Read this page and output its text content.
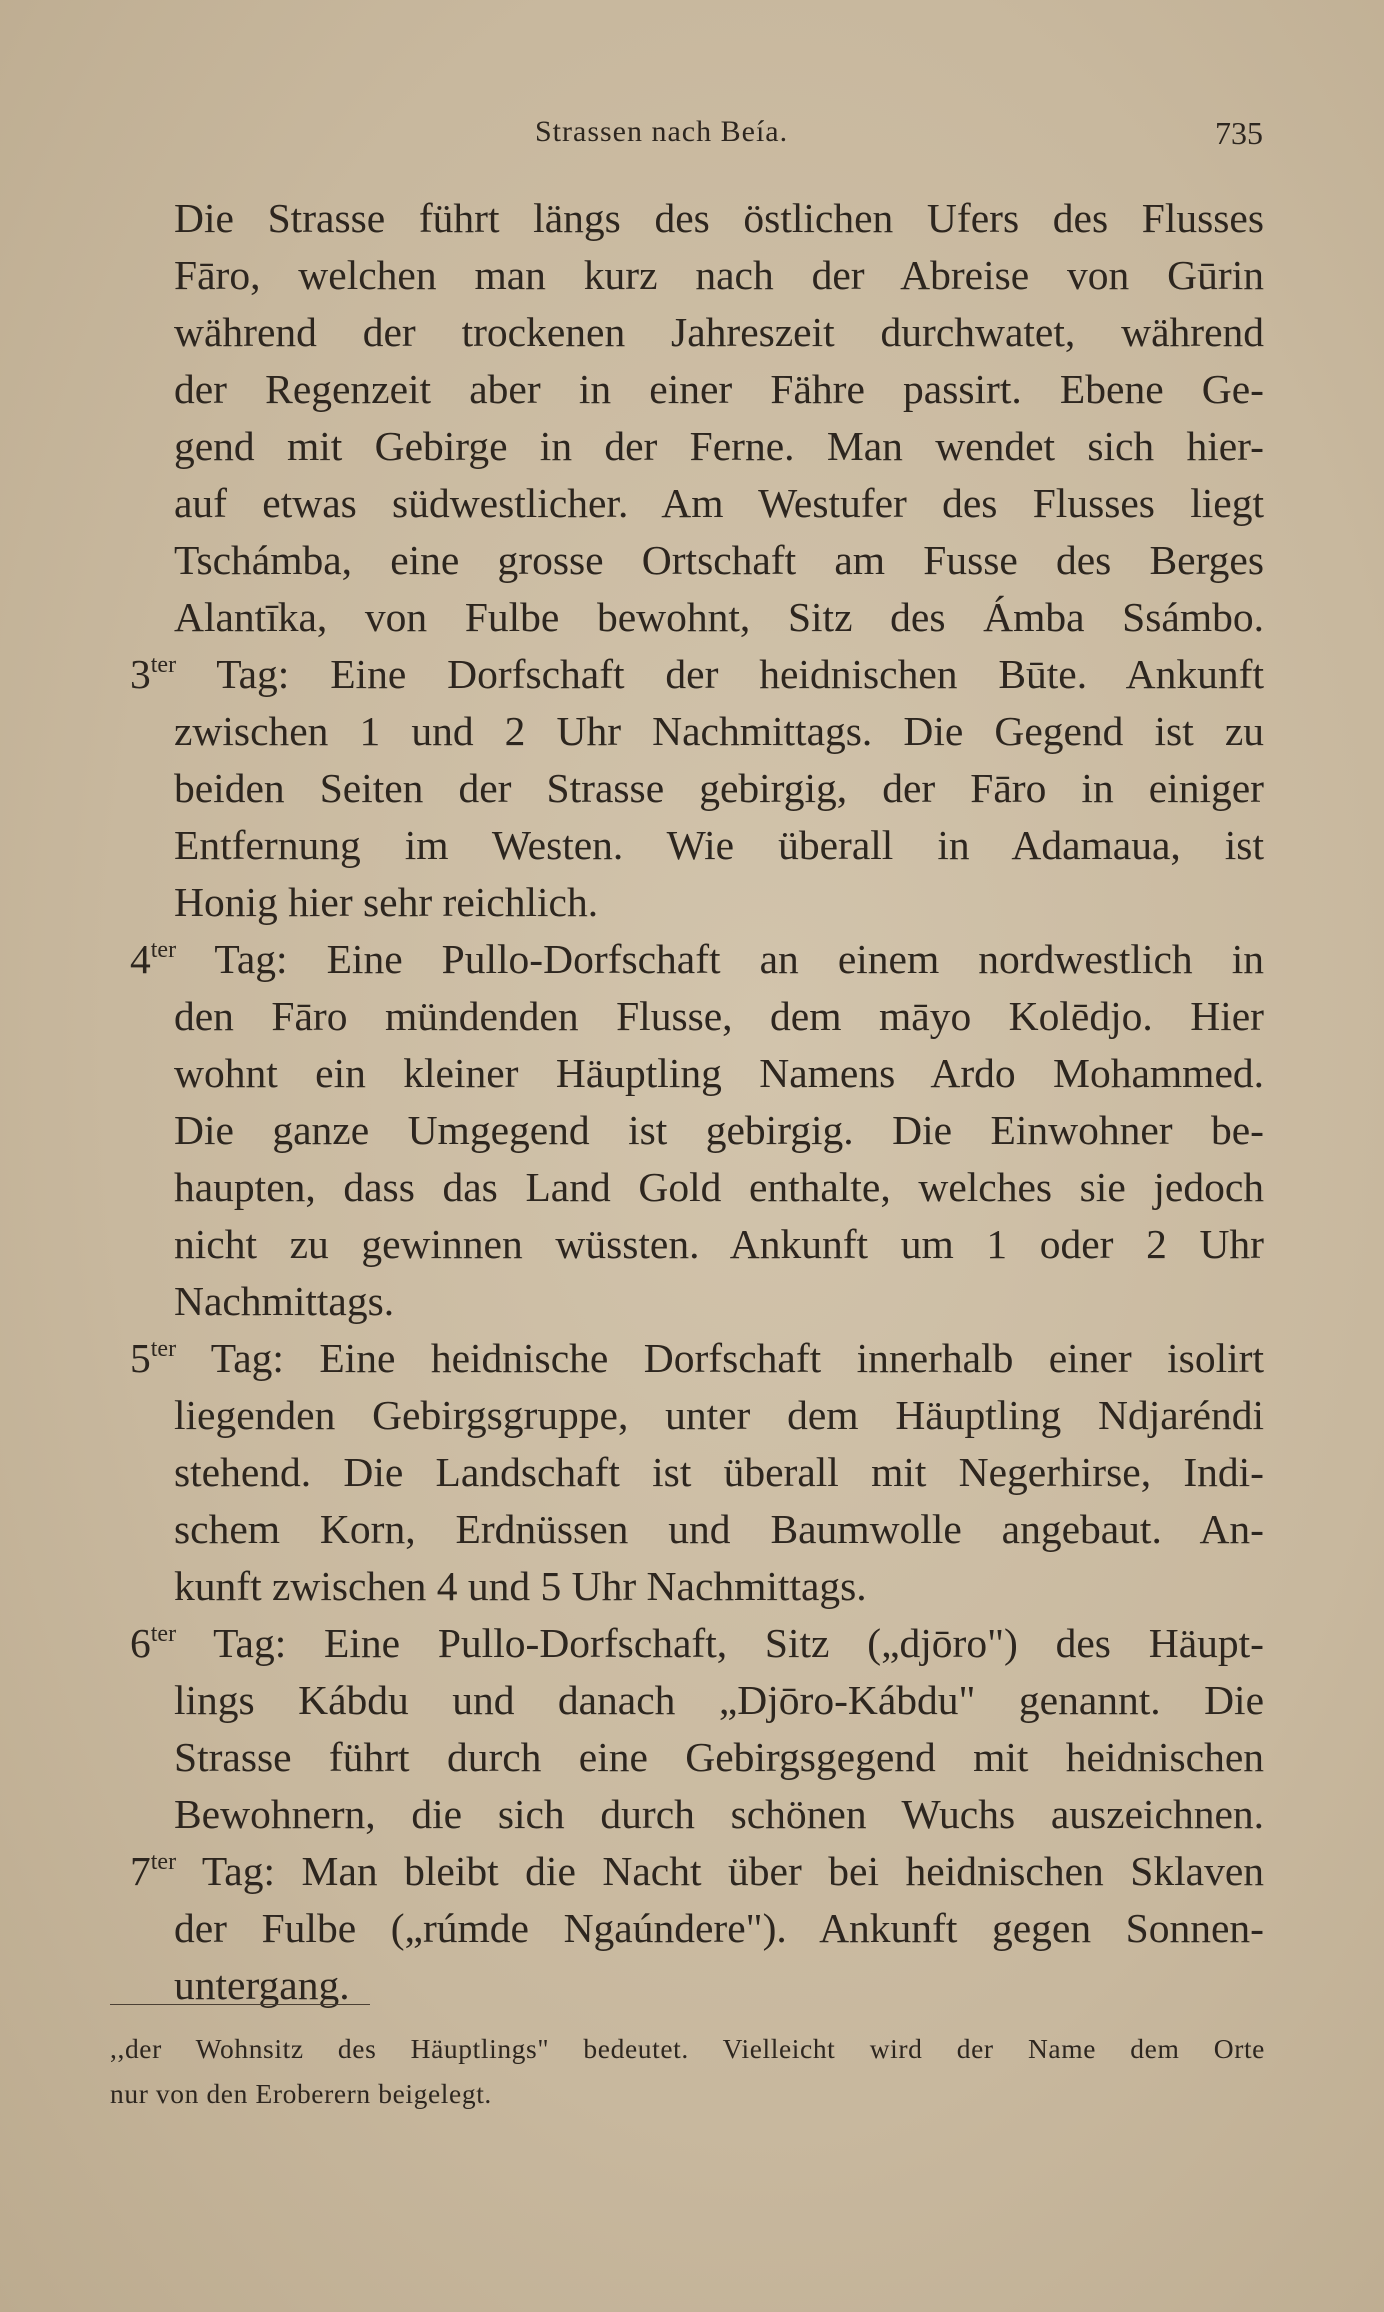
Strassen nach Beía.	735
Die Strasse führt längs des östlichen Ufers des Flusses
Fāro, welchen man kurz nach der Abreise von Gūrin
während der trockenen Jahreszeit durchwatet, während
der Regenzeit aber in einer Fähre passirt. Ebene Ge-
gend mit Gebirge in der Ferne. Man wendet sich hier-
auf etwas südwestlicher. Am Westufer des Flusses liegt
Tschámba, eine grosse Ortschaft am Fusse des Berges
Alantīka, von Fulbe bewohnt, Sitz des Ámba Ssámbo.
$3^{ter}$ Tag: Eine Dorfschaft der heidnischen Būte. Ankunft
zwischen 1 und 2 Uhr Nachmittags. Die Gegend ist zu
beiden Seiten der Strasse gebirgig, der Fāro in einiger
Entfernung im Westen. Wie überall in Adamaua, ist
Honig hier sehr reichlich.
$4^{ter}$ Tag: Eine Pullo-Dorfschaft an einem nordwestlich in
den Fāro mündenden Flusse, dem māyo Kolēdjo. Hier
wohnt ein kleiner Häuptling Namens Ardo Mohammed.
Die ganze Umgegend ist gebirgig. Die Einwohner be-
haupten, dass das Land Gold enthalte, welches sie jedoch
nicht zu gewinnen wüssten. Ankunft um 1 oder 2 Uhr
Nachmittags.
$5^{ter}$ Tag: Eine heidnische Dorfschaft innerhalb einer isolirt
liegenden Gebirgsgruppe, unter dem Häuptling Ndjaréndi
stehend. Die Landschaft ist überall mit Negerhirse, Indi-
schem Korn, Erdnüssen und Baumwolle angebaut. An-
kunft zwischen 4 und 5 Uhr Nachmittags.
$6^{ter}$ Tag: Eine Pullo-Dorfschaft, Sitz („djōro") des Häupt-
lings Kábdu und danach „Djōro-Kábdu" genannt. Die
Strasse führt durch eine Gebirgsgegend mit heidnischen
Bewohnern, die sich durch schönen Wuchs auszeichnen.
$7^{ter}$ Tag: Man bleibt die Nacht über bei heidnischen Sklaven
der Fulbe („rúmde Ngaúndere"). Ankunft gegen Sonnen-
untergang.
,,der Wohnsitz des Häuptlings" bedeutet. Vielleicht wird der Name dem Orte
nur von den Eroberern beigelegt.
